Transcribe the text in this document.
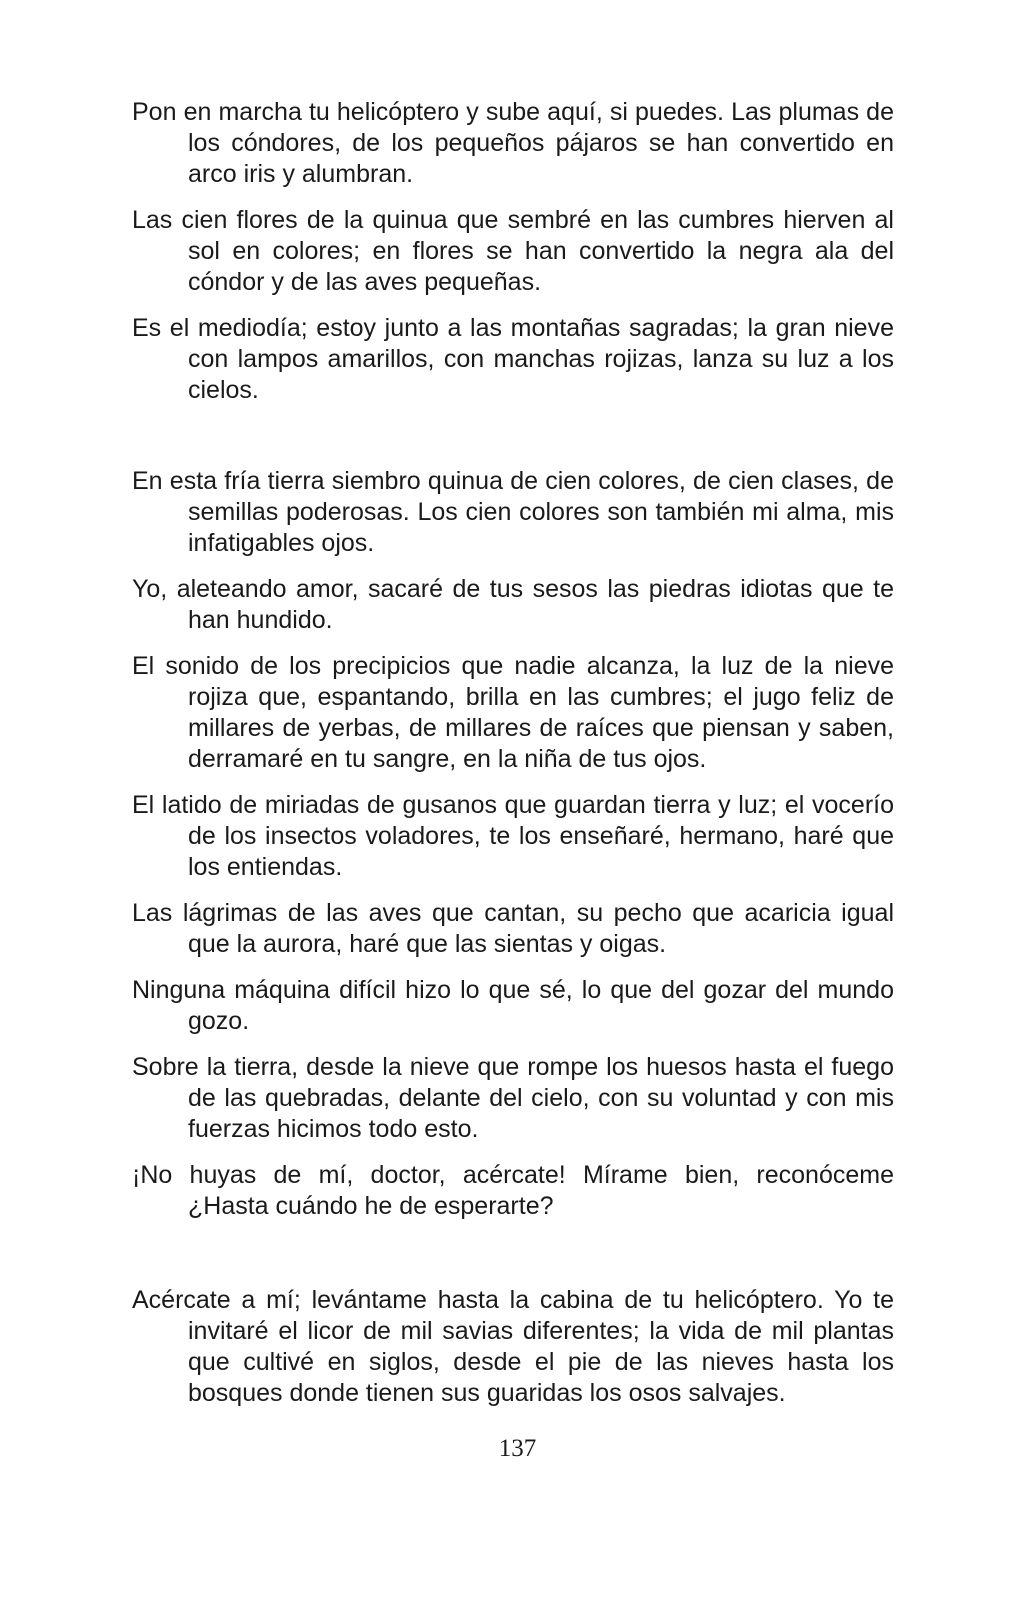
Pon en marcha tu helicóptero y sube aquí, si puedes. Las plumas de los cóndores, de los pequeños pájaros se han convertido en arco iris y alumbran.

Las cien flores de la quinua que sembré en las cumbres hierven al sol en colores; en flores se han convertido la negra ala del cóndor y de las aves pequeñas.

Es el mediodía; estoy junto a las montañas sagradas; la gran nieve con lampos amarillos, con manchas rojizas, lanza su luz a los cielos.

En esta fría tierra siembro quinua de cien colores, de cien clases, de semillas poderosas. Los cien colores son también mi alma, mis infatigables ojos.

Yo, aleteando amor, sacaré de tus sesos las piedras idiotas que te han hundido.

El sonido de los precipicios que nadie alcanza, la luz de la nieve rojiza que, espantando, brilla en las cumbres; el jugo feliz de millares de yerbas, de millares de raíces que piensan y saben, derramaré en tu sangre, en la niña de tus ojos.

El latido de miriadas de gusanos que guardan tierra y luz; el vocerío de los insectos voladores, te los enseñaré, hermano, haré que los entiendas.

Las lágrimas de las aves que cantan, su pecho que acaricia igual que la aurora, haré que las sientas y oigas.

Ninguna máquina difícil hizo lo que sé, lo que del gozar del mundo gozo.

Sobre la tierra, desde la nieve que rompe los huesos hasta el fuego de las quebradas, delante del cielo, con su voluntad y con mis fuerzas hicimos todo esto.

¡No huyas de mí, doctor, acércate! Mírame bien, reconóceme ¿Hasta cuándo he de esperarte?

Acércate a mí; levántame hasta la cabina de tu helicóptero. Yo te invitaré el licor de mil savias diferentes; la vida de mil plantas que cultivé en siglos, desde el pie de las nieves hasta los bosques donde tienen sus guaridas los osos salvajes.

137
